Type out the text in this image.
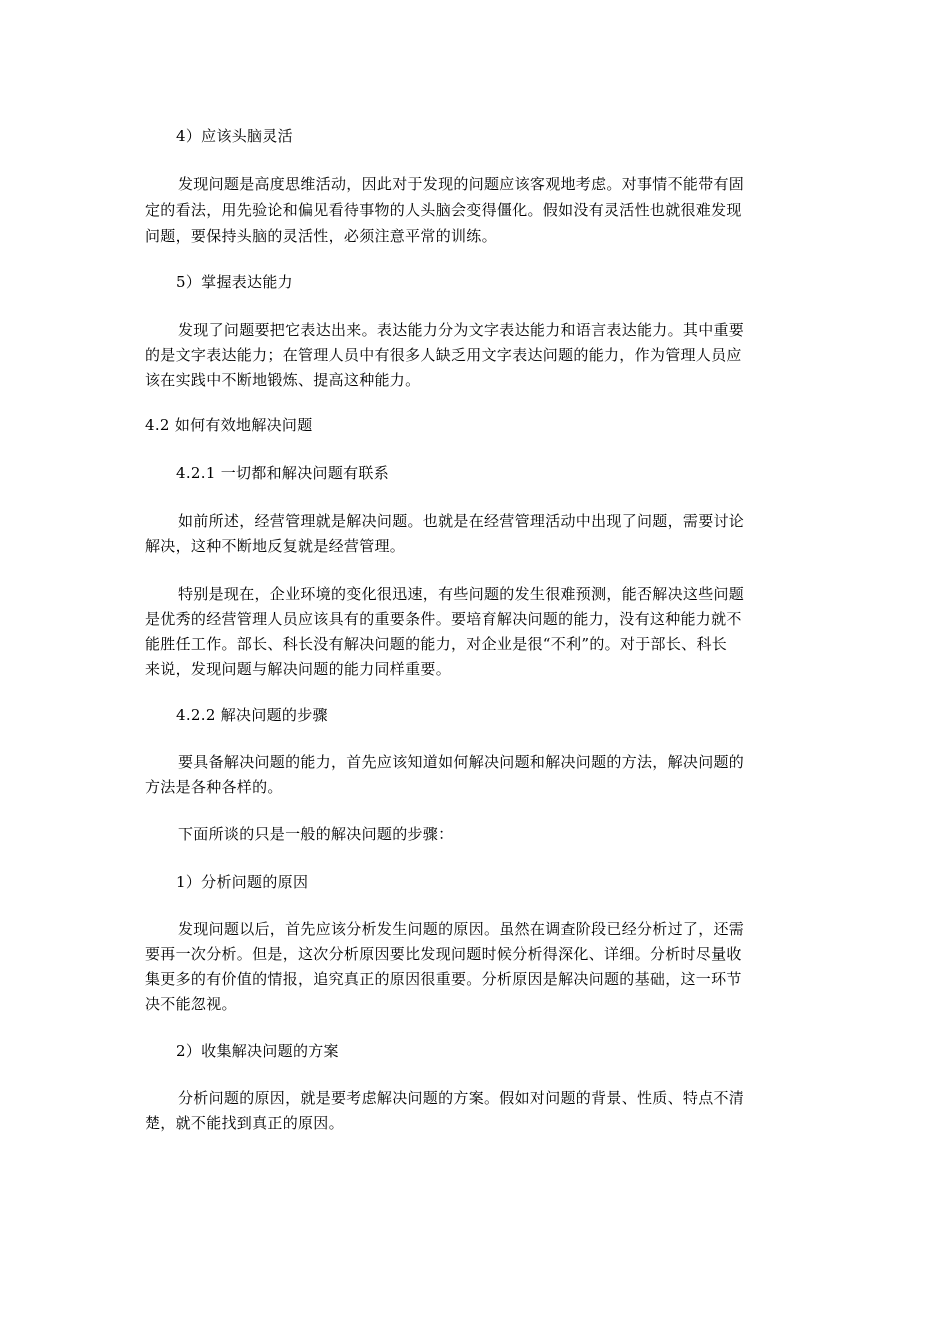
4）应该头脑灵活
发现问题是高度思维活动，因此对于发现的问题应该客观地考虑。对事情不能带有固
定的看法，用先验论和偏见看待事物的人头脑会变得僵化。假如没有灵活性也就很难发现
问题，要保持头脑的灵活性，必须注意平常的训练。
5）掌握表达能力
发现了问题要把它表达出来。表达能力分为文字表达能力和语言表达能力。其中重要
的是文字表达能力；在管理人员中有很多人缺乏用文字表达问题的能力，作为管理人员应
该在实践中不断地锻炼、提高这种能力。
4.2 如何有效地解决问题
4.2.1 一切都和解决问题有联系
如前所述，经营管理就是解决问题。也就是在经营管理活动中出现了问题，需要讨论
解决，这种不断地反复就是经营管理。
特别是现在，企业环境的变化很迅速，有些问题的发生很难预测，能否解决这些问题
是优秀的经营管理人员应该具有的重要条件。要培育解决问题的能力，没有这种能力就不
能胜任工作。部长、科长没有解决问题的能力，对企业是很“不利”的。对于部长、科长
来说，发现问题与解决问题的能力同样重要。
4.2.2 解决问题的步骤
要具备解决问题的能力，首先应该知道如何解决问题和解决问题的方法，解决问题的
方法是各种各样的。
下面所谈的只是一般的解决问题的步骤：
1）分析问题的原因
发现问题以后，首先应该分析发生问题的原因。虽然在调查阶段已经分析过了，还需
要再一次分析。但是，这次分析原因要比发现问题时候分析得深化、详细。分析时尽量收
集更多的有价值的情报，追究真正的原因很重要。分析原因是解决问题的基础，这一环节
决不能忽视。
2）收集解决问题的方案
分析问题的原因，就是要考虑解决问题的方案。假如对问题的背景、性质、特点不清
楚，就不能找到真正的原因。
